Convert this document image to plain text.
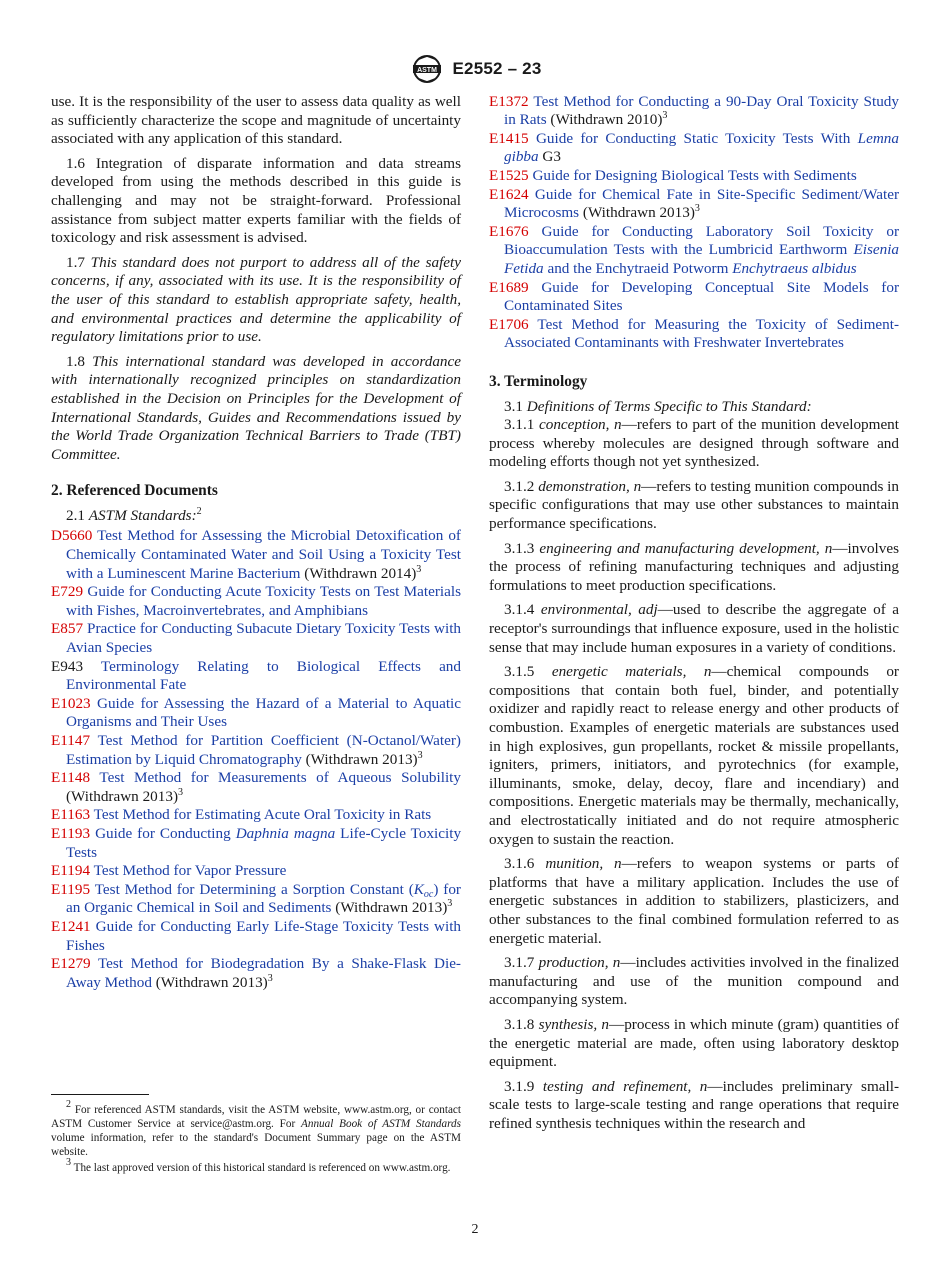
ASTM E2552 – 23

use. It is the responsibility of the user to assess data quality as well as sufficiently characterize the scope and magnitude of uncertainty associated with any application of this standard.

1.6 Integration of disparate information and data streams developed from using the methods described in this guide is challenging and may not be straight-forward. Professional assistance from subject matter experts familiar with the fields of toxicology and risk assessment is advised.

1.7 This standard does not purport to address all of the safety concerns, if any, associated with its use. It is the responsibility of the user of this standard to establish appropriate safety, health, and environmental practices and determine the applicability of regulatory limitations prior to use.

1.8 This international standard was developed in accordance with internationally recognized principles on standardization established in the Decision on Principles for the Development of International Standards, Guides and Recommendations issued by the World Trade Organization Technical Barriers to Trade (TBT) Committee.

2. Referenced Documents

2.1 ASTM Standards:$^2$

D5660 Test Method for Assessing the Microbial Detoxification of Chemically Contaminated Water and Soil Using a Toxicity Test with a Luminescent Marine Bacterium (Withdrawn 2014)$^3$

E729 Guide for Conducting Acute Toxicity Tests on Test Materials with Fishes, Macroinvertebrates, and Amphibians

E857 Practice for Conducting Subacute Dietary Toxicity Tests with Avian Species

E943 Terminology Relating to Biological Effects and Environmental Fate

E1023 Guide for Assessing the Hazard of a Material to Aquatic Organisms and Their Uses

E1147 Test Method for Partition Coefficient (N-Octanol/Water) Estimation by Liquid Chromatography (Withdrawn 2013)$^3$

E1148 Test Method for Measurements of Aqueous Solubility (Withdrawn 2013)$^3$

E1163 Test Method for Estimating Acute Oral Toxicity in Rats

E1193 Guide for Conducting Daphnia magna Life-Cycle Toxicity Tests

E1194 Test Method for Vapor Pressure

E1195 Test Method for Determining a Sorption Constant $(K_{oc})$ for an Organic Chemical in Soil and Sediments (Withdrawn 2013)$^3$

E1241 Guide for Conducting Early Life-Stage Toxicity Tests with Fishes

E1279 Test Method for Biodegradation By a Shake-Flask Die-Away Method (Withdrawn 2013)$^3$

E1372 Test Method for Conducting a 90-Day Oral Toxicity Study in Rats (Withdrawn 2010)$^3$

E1415 Guide for Conducting Static Toxicity Tests With Lemna gibba G3

E1525 Guide for Designing Biological Tests with Sediments

E1624 Guide for Chemical Fate in Site-Specific Sediment/Water Microcosms (Withdrawn 2013)$^3$

E1676 Guide for Conducting Laboratory Soil Toxicity or Bioaccumulation Tests with the Lumbricid Earthworm Eisenia Fetida and the Enchytraeid Potworm Enchytraeus albidus

E1689 Guide for Developing Conceptual Site Models for Contaminated Sites

E1706 Test Method for Measuring the Toxicity of Sediment-Associated Contaminants with Freshwater Invertebrates

3. Terminology

3.1 Definitions of Terms Specific to This Standard:

3.1.1 conception, n—refers to part of the munition development process whereby molecules are designed through software and modeling efforts though not yet synthesized.

3.1.2 demonstration, n—refers to testing munition compounds in specific configurations that may use other substances to maintain performance specifications.

3.1.3 engineering and manufacturing development, n—involves the process of refining manufacturing techniques and adjusting formulations to meet production specifications.

3.1.4 environmental, adj—used to describe the aggregate of a receptor's surroundings that influence exposure, used in the holistic sense that may include human exposures in a variety of conditions.

3.1.5 energetic materials, n—chemical compounds or compositions that contain both fuel, binder, and potentially oxidizer and rapidly react to release energy and other products of combustion. Examples of energetic materials are substances used in high explosives, gun propellants, rocket & missile propellants, igniters, primers, initiators, and pyrotechnics (for example, illuminants, smoke, delay, decoy, flare and incendiary) and compositions. Energetic materials may be thermally, mechanically, and electrostatically initiated and do not require atmospheric oxygen to sustain the reaction.

3.1.6 munition, n—refers to weapon systems or parts of platforms that have a military application. Includes the use of energetic substances in addition to stabilizers, plasticizers, and other substances to the final combined formulation referred to as energetic material.

3.1.7 production, n—includes activities involved in the finalized manufacturing and use of the munition compound and accompanying system.

3.1.8 synthesis, n—process in which minute (gram) quantities of the energetic material are made, often using laboratory desktop equipment.

3.1.9 testing and refinement, n—includes preliminary small-scale tests to large-scale testing and range operations that require refined synthesis techniques within the research and

$^2$ For referenced ASTM standards, visit the ASTM website, www.astm.org, or contact ASTM Customer Service at service@astm.org. For Annual Book of ASTM Standards volume information, refer to the standard's Document Summary page on the ASTM website.

$^3$ The last approved version of this historical standard is referenced on www.astm.org.

2
